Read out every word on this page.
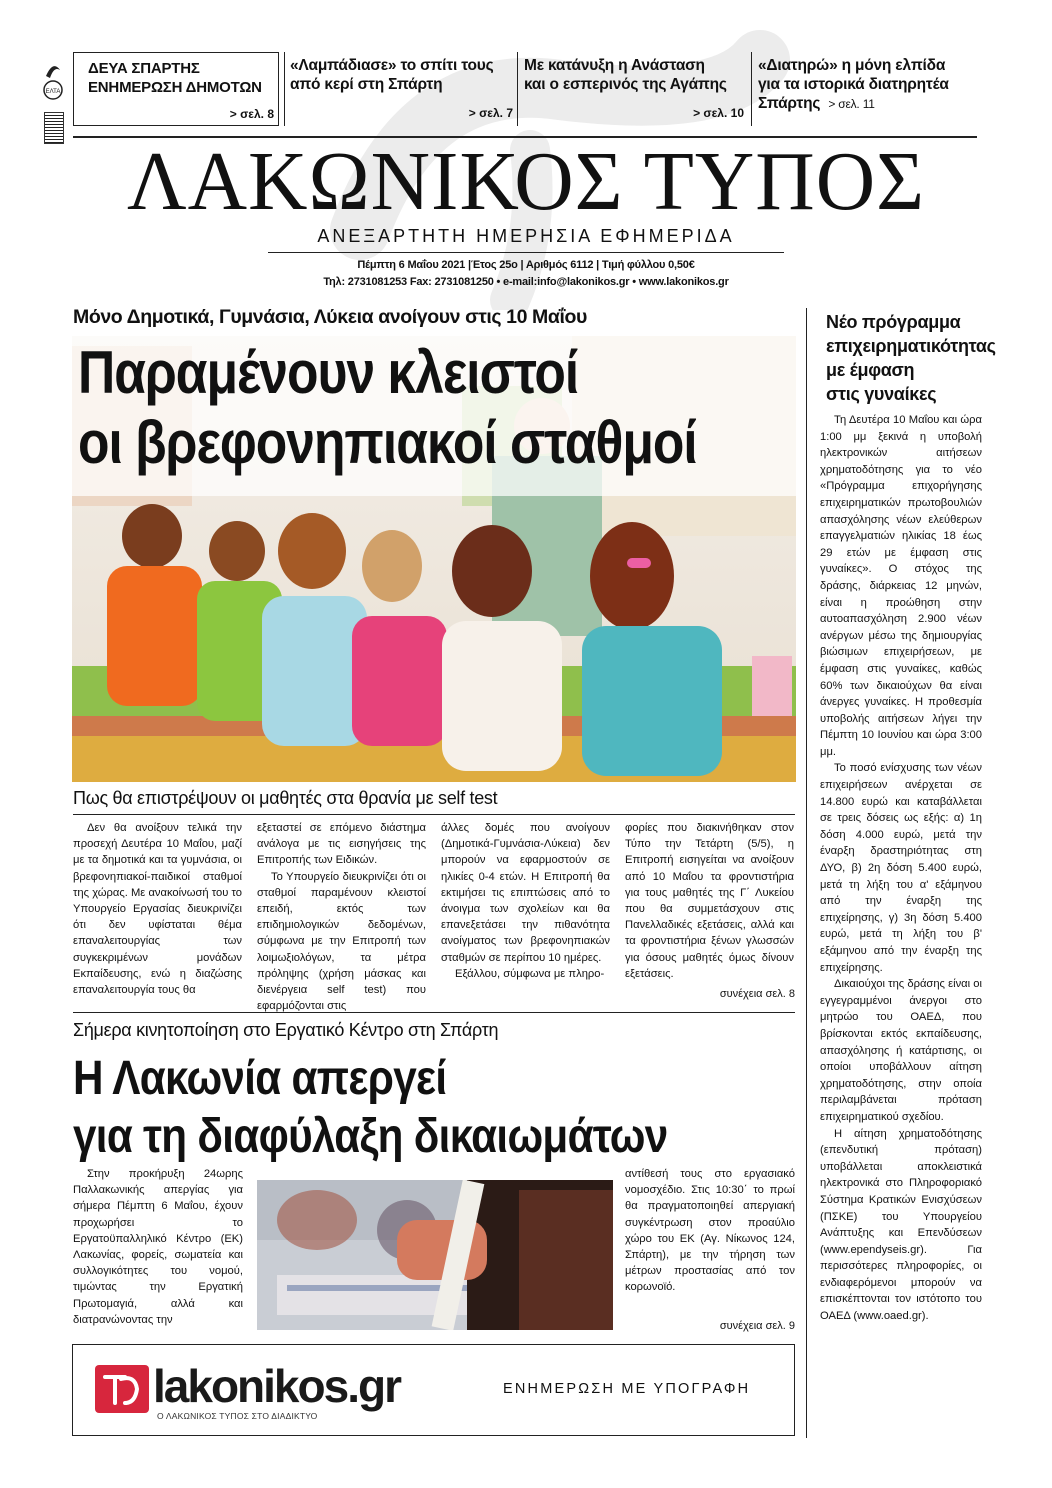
ΕΛΤΑ
ΔΕΥΑ ΣΠΑΡΤΗΣ
ΕΝΗΜΕΡΩΣΗ ΔΗΜΟΤΩΝ
> σελ. 8
«Λαμπάδιασε» το σπίτι τους
από κερί στη Σπάρτη
> σελ. 7
Με κατάνυξη η Ανάσταση
και ο εσπερινός της Αγάπης
> σελ. 10
«Διατηρώ» η μόνη ελπίδα
για τα ιστορικά διατηρητέα
Σπάρτης > σελ. 11
ΛΑΚΩΝΙΚΟΣ ΤΥΠΟΣ
ΑΝΕΞΑΡΤΗΤΗ ΗΜΕΡΗΣΙΑ ΕΦΗΜΕΡΙΔΑ
Πέμπτη 6 Μαΐου 2021 |Έτος 25ο | Αριθμός 6112 | Τιμή φύλλου 0,50€
Τηλ: 2731081253 Fax: 2731081250 • e-mail:info@lakonikos.gr • www.lakonikos.gr
Μόνο Δημοτικά, Γυμνάσια, Λύκεια ανοίγουν στις 10 Μαΐου
Παραμένουν κλειστοί
οι βρεφονηπιακοί σταθμοί
Πως θα επιστρέψουν οι μαθητές στα θρανία με self test

Δεν θα ανοίξουν τελικά την προσεχή Δευτέρα 10 Μαΐου, μαζί με τα δημοτικά και τα γυμνάσια, οι βρεφονηπιακοί-παιδικοί σταθμοί της χώρας. Με ανακοίνωσή του το Υπουργείο Εργασίας διευκρινίζει ότι δεν υφίσταται θέμα επαναλειτουργίας των συγκεκριμένων μονάδων Εκπαίδευσης, ενώ η διαζώσης επαναλειτουργία τους θα

εξεταστεί σε επόμενο διάστημα ανάλογα με τις εισηγήσεις της Επιτροπής των Ειδικών.

Το Υπουργείο διευκρινίζει ότι οι σταθμοί παραμένουν κλειστοί επειδή, εκτός των επιδημιολογικών δεδομένων, σύμφωνα με την Επιτροπή των λοιμωξιολόγων, τα μέτρα πρόληψης (χρήση μάσκας και διενέργεια self test) που εφαρμόζονται στις

άλλες δομές που ανοίγουν (Δημοτικά-Γυμνάσια-Λύκεια) δεν μπορούν να εφαρμοστούν σε ηλικίες 0-4 ετών. Η Επιτροπή θα εκτιμήσει τις επιπτώσεις από το άνοιγμα των σχολείων και θα επανεξετάσει την πιθανότητα ανοίγματος των βρεφονηπιακών σταθμών σε περίπου 10 ημέρες.

Εξάλλου, σύμφωνα με πληρο-

φορίες που διακινήθηκαν στον Τύπο την Τετάρτη (5/5), η Επιτροπή εισηγείται να ανοίξουν από 10 Μαΐου τα φροντιστήρια για τους μαθητές της Γ΄ Λυκείου που θα συμμετάσχουν στις Πανελλαδικές εξετάσεις, αλλά και τα φροντιστήρια ξένων γλωσσών για όσους μαθητές όμως δίνουν εξετάσεις.

συνέχεια σελ. 8
Σήμερα κινητοποίηση στο Εργατικό Κέντρο στη Σπάρτη
Η Λακωνία απεργεί
για τη διαφύλαξη δικαιωμάτων

Στην προκήρυξη 24ωρης Παλλακωνικής απεργίας για σήμερα Πέμπτη 6 Μαΐου, έχουν προχωρήσει το Εργατοϋπαλληλικό Κέντρο (ΕΚ) Λακωνίας, φορείς, σωματεία και συλλογικότητες του νομού, τιμώντας την Εργατική Πρωτομαγιά, αλλά και διατρανώνοντας την

αντίθεσή τους στο εργασιακό νομοσχέδιο. Στις 10:30΄ το πρωί θα πραγματοποιηθεί απεργιακή συγκέντρωση στον προαύλιο χώρο του ΕΚ (Αγ. Νίκωνος 124, Σπάρτη), με την τήρηση των μέτρων προστασίας από τον κορωνοϊό.

συνέχεια σελ. 9
lakonikos.gr
Ο ΛΑΚΩΝΙΚΟΣ ΤΥΠΟΣ ΣΤΟ ΔΙΑΔΙΚΤΥΟ
ΕΝΗΜΕΡΩΣΗ ΜΕ ΥΠΟΓΡΑΦΗ
Νέο πρόγραμμα
επιχειρηματικότητας
με έμφαση
στις γυναίκες

Τη Δευτέρα 10 Μαΐου και ώρα 1:00 μμ ξεκινά η υποβολή ηλεκτρονικών αιτήσεων χρηματοδότησης για το νέο «Πρόγραμμα επιχορήγησης επιχειρηματικών πρωτοβουλιών απασχόλησης νέων ελεύθερων επαγγελματιών ηλικίας 18 έως 29 ετών με έμφαση στις γυναίκες». Ο στόχος της δράσης, διάρκειας 12 μηνών, είναι η προώθηση στην αυτοαπασχόληση 2.900 νέων ανέργων μέσω της δημιουργίας βιώσιμων επιχειρήσεων, με έμφαση στις γυναίκες, καθώς 60% των δικαιούχων θα είναι άνεργες γυναίκες. Η προθεσμία υποβολής αιτήσεων λήγει την Πέμπτη 10 Ιουνίου και ώρα 3:00 μμ.

Το ποσό ενίσχυσης των νέων επιχειρήσεων ανέρχεται σε 14.800 ευρώ και καταβάλλεται σε τρεις δόσεις ως εξής: α) 1η δόση 4.000 ευρώ, μετά την έναρξη δραστηριότητας στη ΔΥΟ, β) 2η δόση 5.400 ευρώ, μετά τη λήξη του α' εξάμηνου από την έναρξη της επιχείρησης, γ) 3η δόση 5.400 ευρώ, μετά τη λήξη του β' εξάμηνου από την έναρξη της επιχείρησης.

Δικαιούχοι της δράσης είναι οι εγγεγραμμένοι άνεργοι στο μητρώο του ΟΑΕΔ, που βρίσκονται εκτός εκπαίδευσης, απασχόλησης ή κατάρτισης, οι οποίοι υποβάλλουν αίτηση χρηματοδότησης, στην οποία περιλαμβάνεται πρόταση επιχειρηματικού σχεδίου.

Η αίτηση χρηματοδότησης (επενδυτική πρόταση) υποβάλλεται αποκλειστικά ηλεκτρονικά στο Πληροφοριακό Σύστημα Κρατικών Ενισχύσεων (ΠΣΚΕ) του Υπουργείου Ανάπτυξης και Επενδύσεων (www.ependyseis.gr). Για περισσότερες πληροφορίες, οι ενδιαφερόμενοι μπορούν να επισκέπτονται τον ιστότοπο του ΟΑΕΔ (www.oaed.gr).
